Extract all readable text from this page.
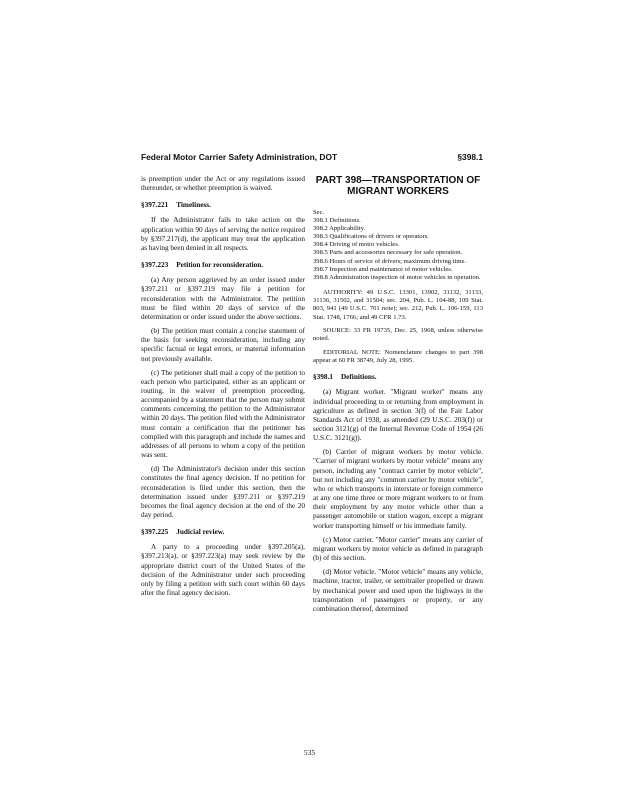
Federal Motor Carrier Safety Administration, DOT	§398.1

is preemption under the Act or any regulations issued thereunder, or whether preemption is waived.

§397.221 Timeliness.

If the Administrator fails to take action on the application within 90 days of serving the notice required by §397.217(d), the applicant may treat the application as having been denied in all respects.

§397.223 Petition for reconsideration.

(a) Any person aggrieved by an order issued under §397.211 or §397.219 may file a petition for reconsideration with the Administrator. The petition must be filed within 20 days of service of the determination or order issued under the above sections.

(b) The petition must contain a concise statement of the basis for seeking reconsideration, including any specific factual or legal errors, or material information not previously available.

(c) The petitioner shall mail a copy of the petition to each person who participated, either as an applicant or routing, in the waiver of preemption proceeding, accompanied by a statement that the person may submit comments concerning the petition to the Administrator within 20 days. The petition filed with the Administrator must contain a certification that the petitioner has complied with this paragraph and include the names and addresses of all persons to whom a copy of the petition was sent.

(d) The Administrator's decision under this section constitutes the final agency decision. If no petition for reconsideration is filed under this section, then the determination issued under §397.211 or §397.219 becomes the final agency decision at the end of the 20 day period.

§397.225 Judicial review.

A party to a proceeding under §397.205(a), §397.213(a), or §397.223(a) may seek review by the appropriate district court of the United States of the decision of the Administrator under such proceeding only by filing a petition with such court within 60 days after the final agency decision.

PART 398—TRANSPORTATION OF MIGRANT WORKERS
Sec.
398.1 Definitions.
398.2 Applicability.
398.3 Qualifications of drivers or operators.
398.4 Driving of motor vehicles.
398.5 Parts and accessories necessary for safe operation.
398.6 Hours of service of drivers; maximum driving time.
398.7 Inspection and maintenance of motor vehicles.
398.8 Administration inspection of motor vehicles in operation.

AUTHORITY: 49 U.S.C. 13301, 13902, 31132, 31133, 31136, 31502, and 31504; sec. 204, Pub. L. 104-88, 109 Stat. 803, 941 (49 U.S.C. 701 note); sec. 212, Pub. L. 106-159, 113 Stat. 1748, 1766; and 49 CFR 1.73.

SOURCE: 33 FR 19735, Dec. 25, 1968, unless otherwise noted.

EDITORIAL NOTE: Nomenclature changes to part 398 appear at 60 FR 38749, July 28, 1995.

§398.1 Definitions.

(a) Migrant worker. "Migrant worker" means any individual proceeding to or returning from employment in agriculture as defined in section 3(f) of the Fair Labor Standards Act of 1938, as amended (29 U.S.C. 203(f)) or section 3121(g) of the Internal Revenue Code of 1954 (26 U.S.C. 3121(g)).

(b) Carrier of migrant workers by motor vehicle. "Carrier of migrant workers by motor vehicle" means any person, including any "contract carrier by motor vehicle", but not including any "common carrier by motor vehicle", who or which transports in interstate or foreign commerce at any one time three or more migrant workers to or from their employment by any motor vehicle other than a passenger automobile or station wagon, except a migrant worker transporting himself or his immediate family.

(c) Motor carrier. "Motor carrier" means any carrier of migrant workers by motor vehicle as defined in paragraph (b) of this section.

(d) Motor vehicle. "Motor vehicle" means any vehicle, machine, tractor, trailer, or semitrailer propelled or drawn by mechanical power and used upon the highways in the transportation of passengers or property, or any combination thereof, determined

535
